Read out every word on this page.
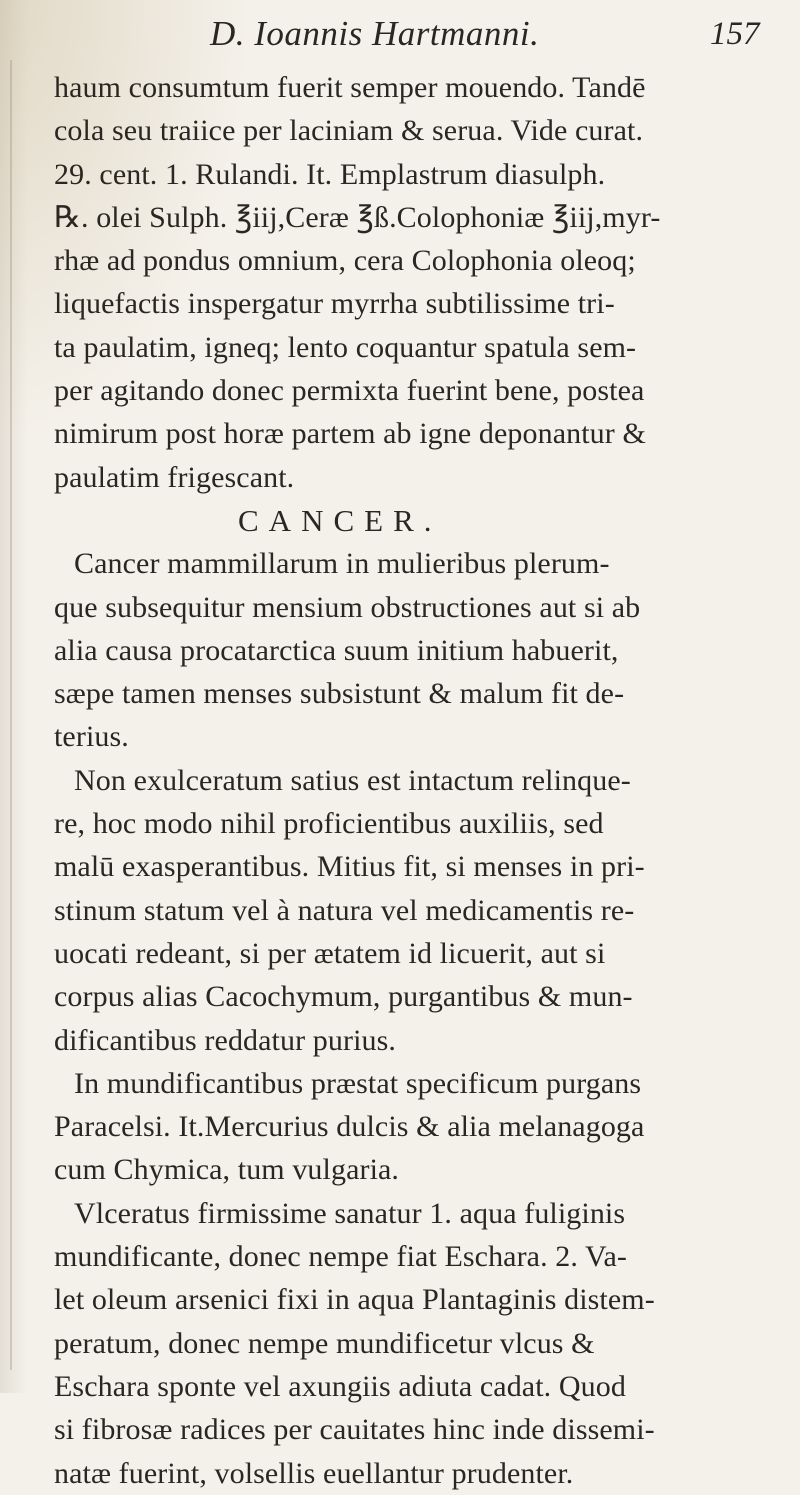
D. Ioannis Hartmanni.	157
haum consumtum fuerit semper mouendo. Tandē
cola seu traiice per laciniam & serua. Vide curat.
29. cent. 1. Rulandi. It. Emplastrum diasulph.
℞. olei Sulph. ℥iij,Ceræ ℥ß.Colophoniæ ℥iij,myr-
rhæ ad pondus omnium, cera Colophonia oleoq;
liquefactis inspergatur myrrha subtilissime tri-
ta paulatim, igneq; lento coquantur spatula sem-
per agitando donec permixta fuerint bene, postea
nimirum post horæ partem ab igne deponantur &
paulatim frigescant.
CANCER.
Cancer mammillarum in mulieribus plerum-
que subsequitur mensium obstructiones aut si ab
alia causa procatarctica suum initium habuerit,
sæpe tamen menses subsistunt & malum fit de-
terius.
Non exulceratum satius est intactum relinque-
re, hoc modo nihil proficientibus auxiliis, sed
malū exasperantibus. Mitius fit, si menses in pri-
stinum statum vel à natura vel medicamentis re-
uocati redeant, si per ætatem id licuerit, aut si
corpus alias Cacochymum, purgantibus & mun-
dificantibus reddatur purius.
In mundificantibus præstat specificum purgans
Paracelsi. It.Mercurius dulcis & alia melanagoga
cum Chymica, tum vulgaria.
Vlceratus firmissime sanatur 1. aqua fuliginis
mundificante, donec nempe fiat Eschara. 2. Va-
let oleum arsenici fixi in aqua Plantaginis distem-
peratum, donec nempe mundificetur vlcus &
Eschara sponte vel axungiis adiuta cadat. Quod
si fibrosæ radices per cauitates hinc inde dissemi-
natæ fuerint, volsellis euellantur prudenter.
